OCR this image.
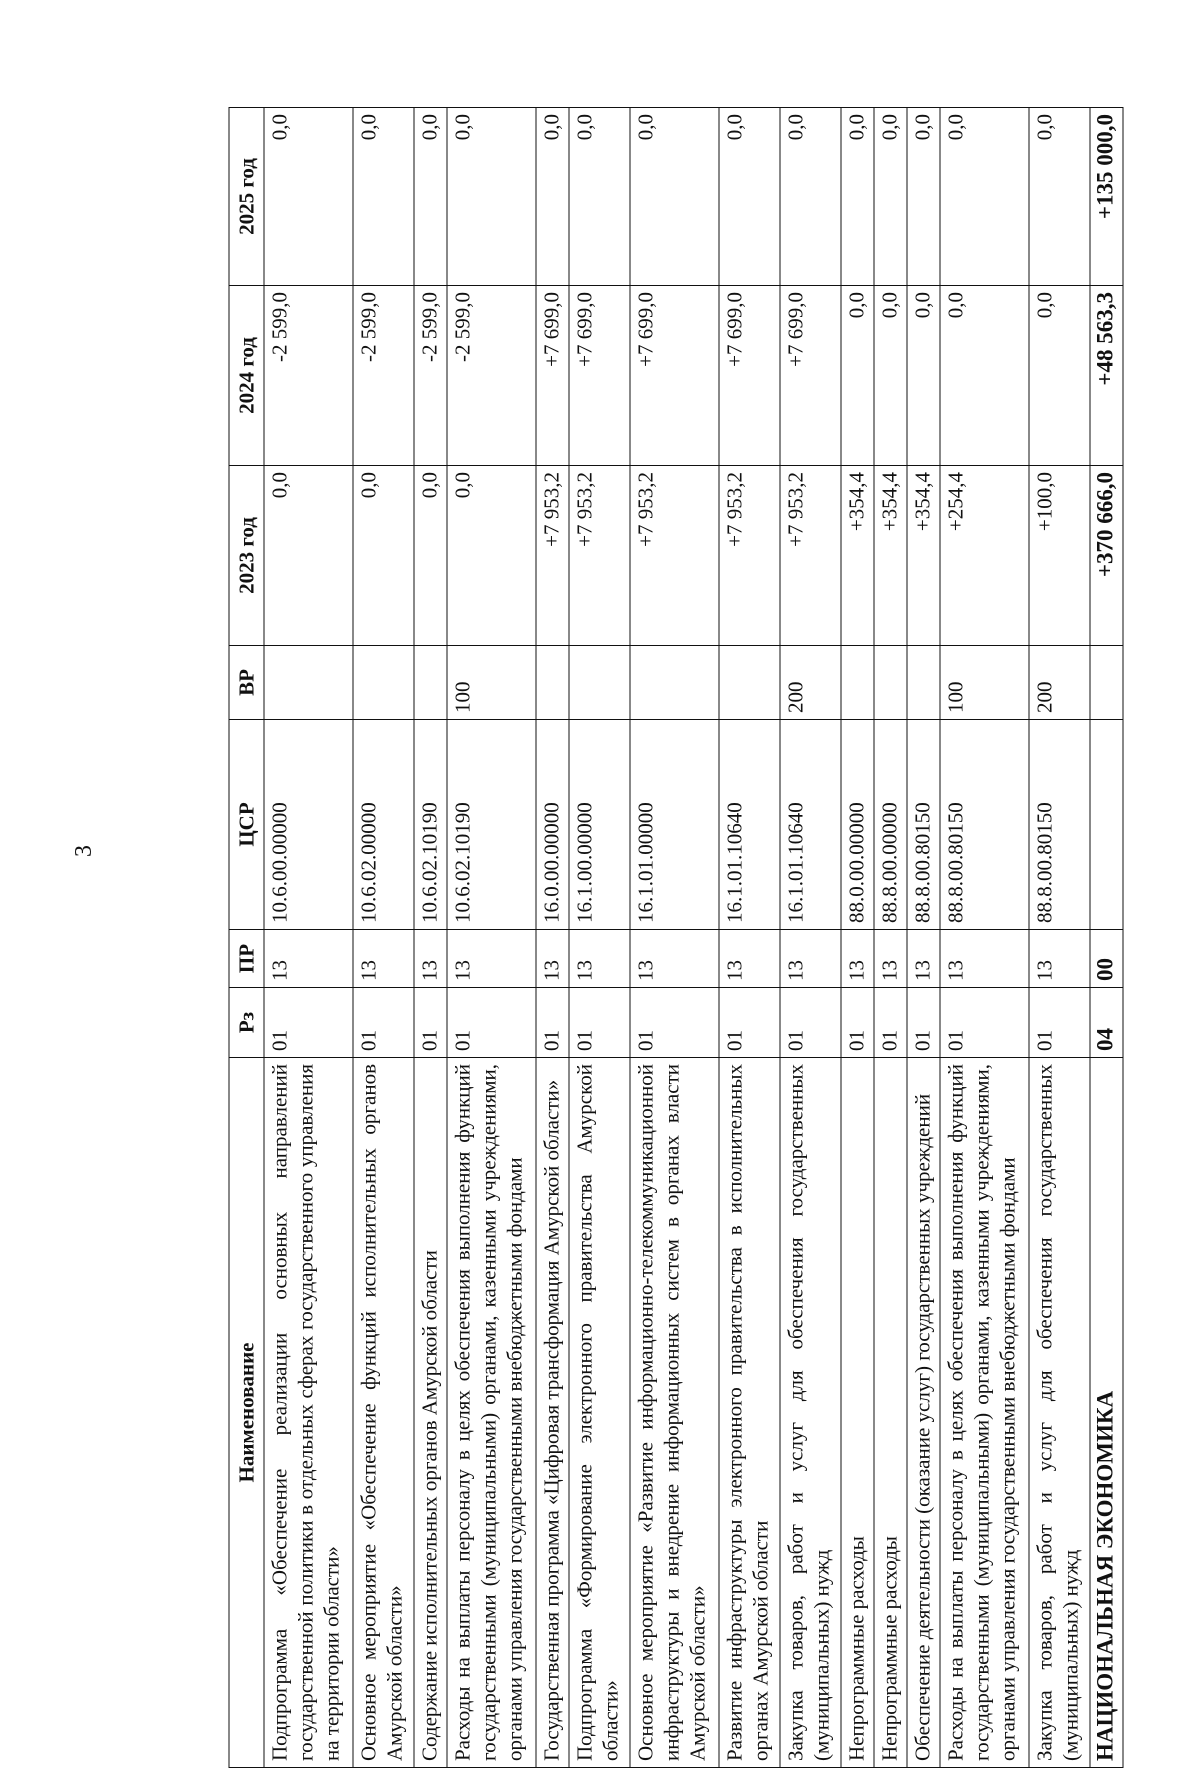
3
Наименование	Рз	ПР	ЦСР	ВР	2023 год	2024 год	2025 год
Подпрограмма «Обеспечение реализации основных направлений государственной политики в отдельных сферах государственного управления на территории области»	01	13	10.6.00.00000		0,0	-2 599,0	0,0
Основное мероприятие «Обеспечение функций исполнительных органов Амурской области»	01	13	10.6.02.00000		0,0	-2 599,0	0,0
Содержание исполнительных органов Амурской области	01	13	10.6.02.10190		0,0	-2 599,0	0,0
Расходы на выплаты персоналу в целях обеспечения выполнения функций государственными (муниципальными) органами, казенными учреждениями, органами управления государственными внебюджетными фондами	01	13	10.6.02.10190	100	0,0	-2 599,0	0,0
Государственная программа «Цифровая трансформация Амурской области»	01	13	16.0.00.00000		+7 953,2	+7 699,0	0,0
Подпрограмма «Формирование электронного правительства Амурской области»	01	13	16.1.00.00000		+7 953,2	+7 699,0	0,0
Основное мероприятие «Развитие информационно-телекоммуникационной инфраструктуры и внедрение информационных систем в органах власти Амурской области»	01	13	16.1.01.00000		+7 953,2	+7 699,0	0,0
Развитие инфраструктуры электронного правительства в исполнительных органах Амурской области	01	13	16.1.01.10640		+7 953,2	+7 699,0	0,0
Закупка товаров, работ и услуг для обеспечения государственных (муниципальных) нужд	01	13	16.1.01.10640	200	+7 953,2	+7 699,0	0,0
Непрограммные расходы	01	13	88.0.00.00000		+354,4	0,0	0,0
Непрограммные расходы	01	13	88.8.00.00000		+354,4	0,0	0,0
Обеспечение деятельности (оказание услуг) государственных учреждений	01	13	88.8.00.80150		+354,4	0,0	0,0
Расходы на выплаты персоналу в целях обеспечения выполнения функций государственными (муниципальными) органами, казенными учреждениями, органами управления государственными внебюджетными фондами	01	13	88.8.00.80150	100	+254,4	0,0	0,0
Закупка товаров, работ и услуг для обеспечения государственных (муниципальных) нужд	01	13	88.8.00.80150	200	+100,0	0,0	0,0
НАЦИОНАЛЬНАЯ ЭКОНОМИКА	04	00			+370 666,0	+48 563,3	+135 000,0
